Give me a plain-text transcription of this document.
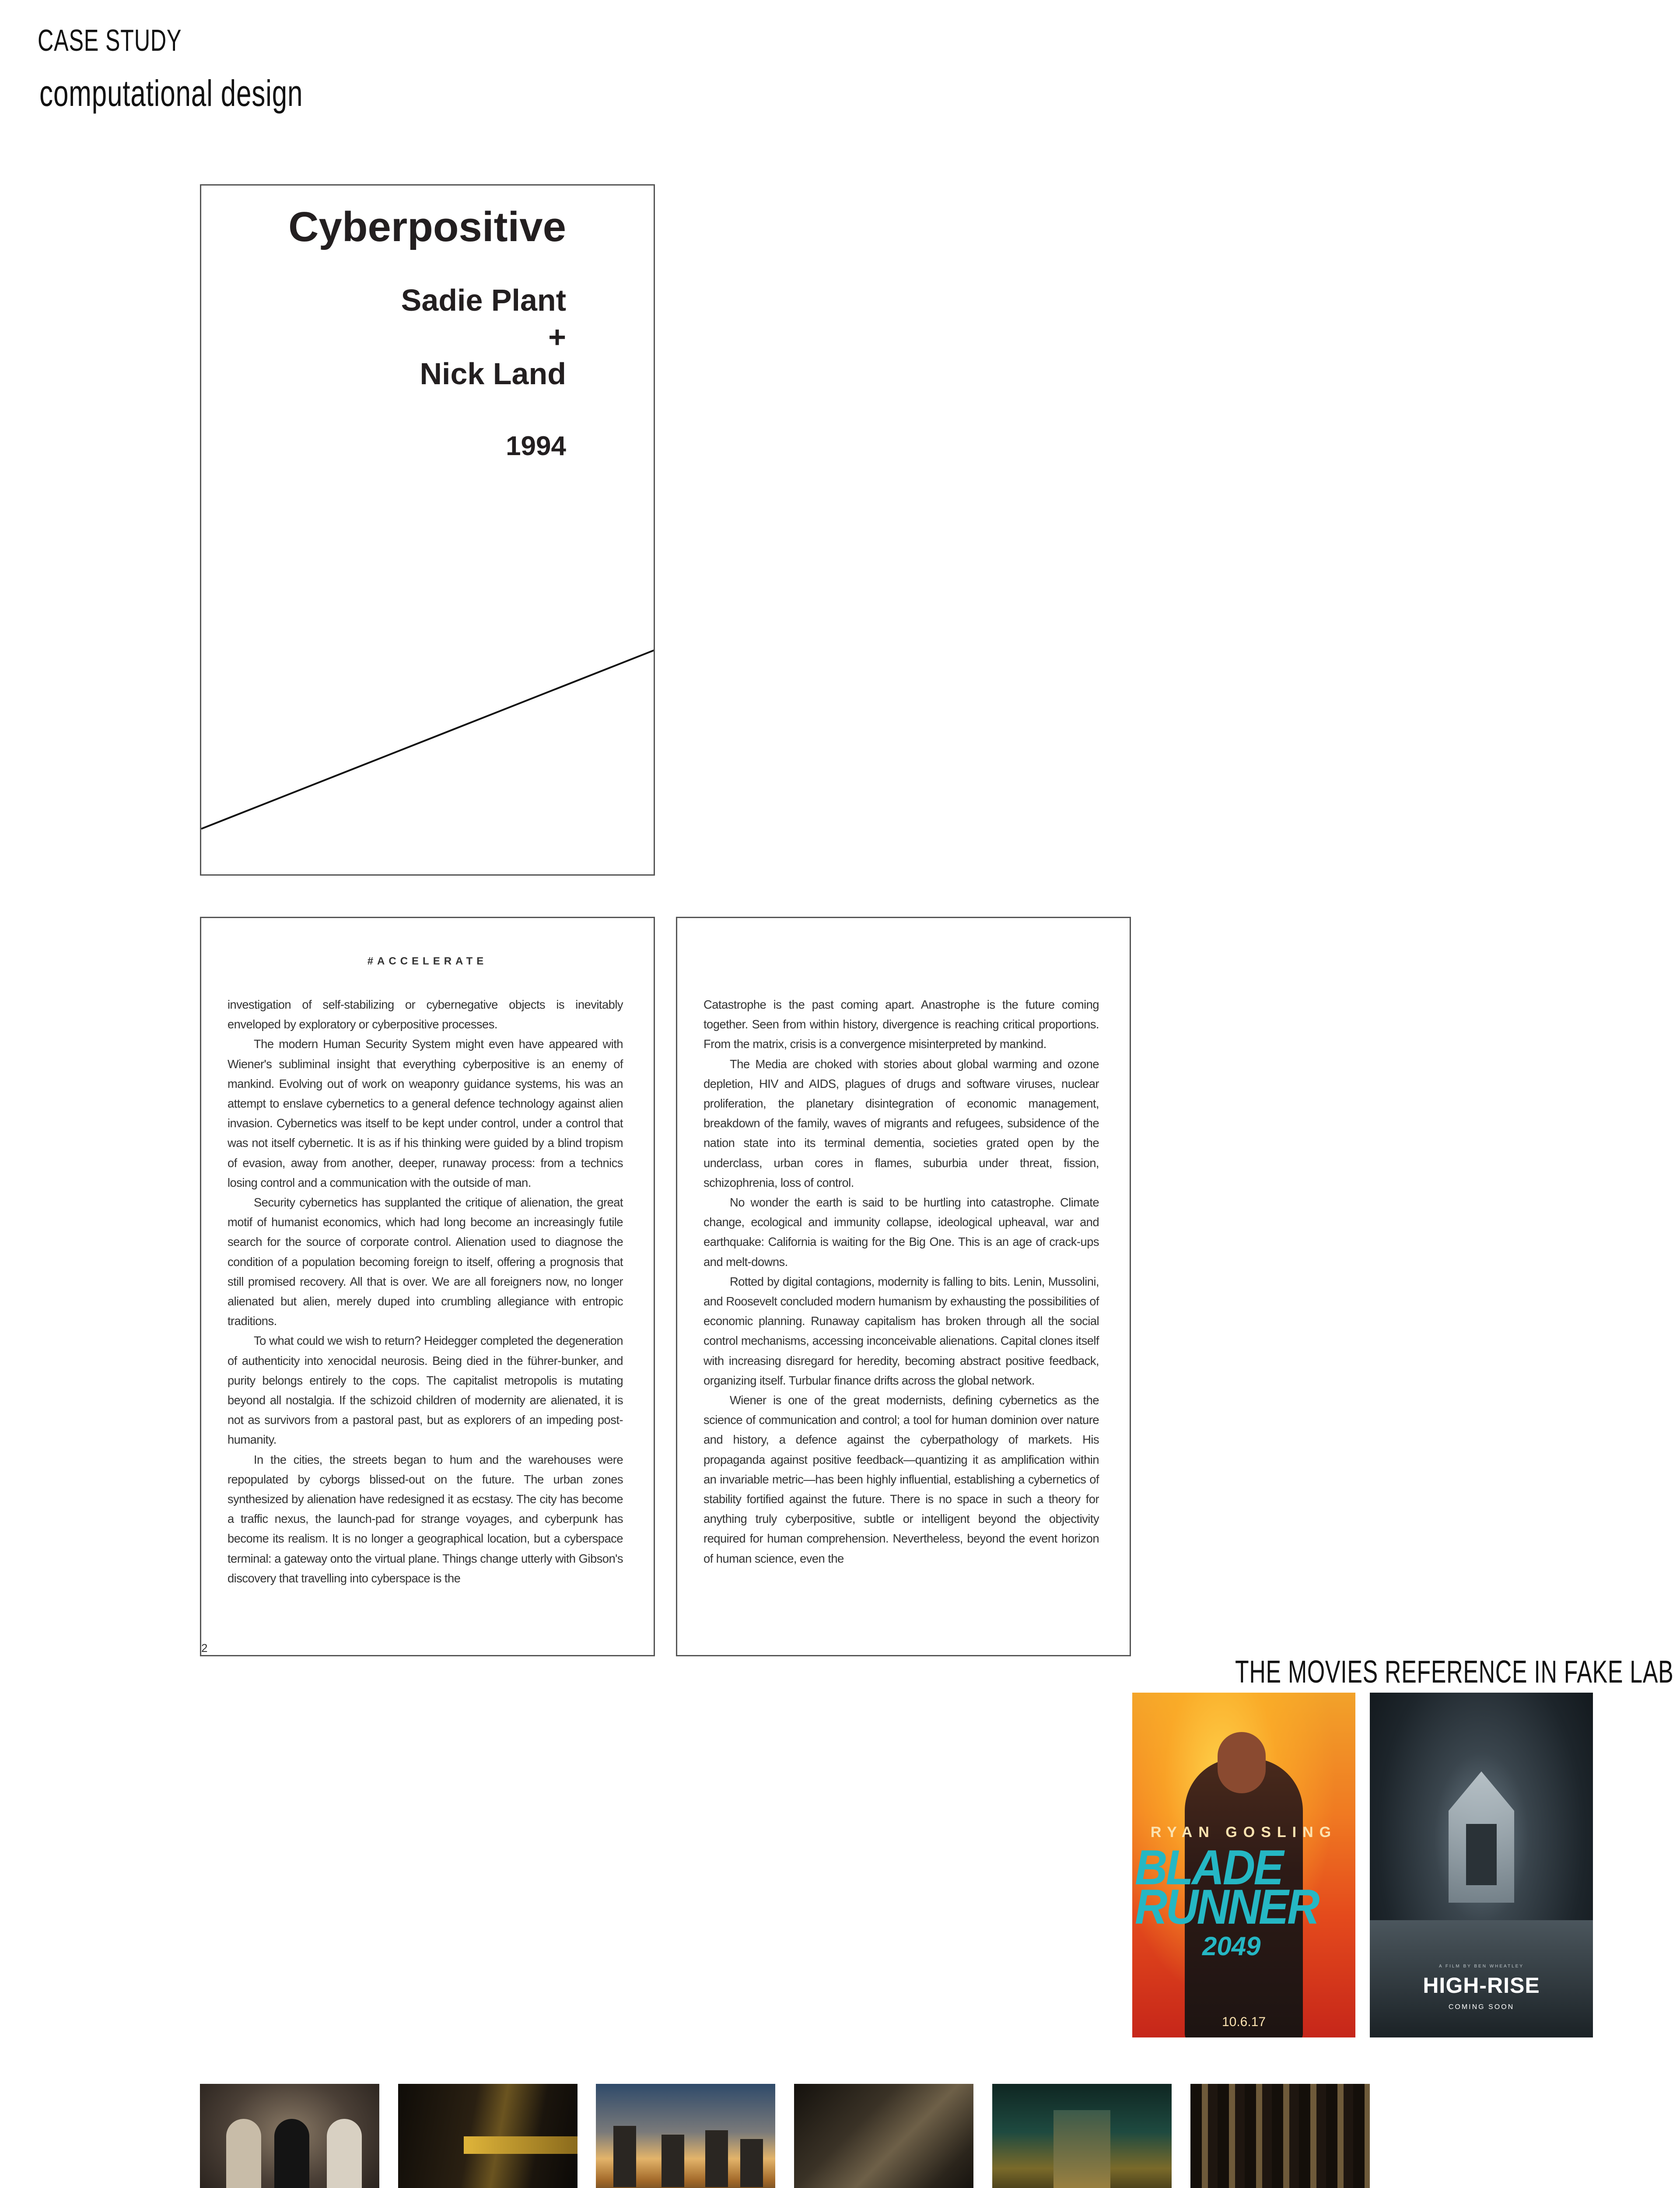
CASE STUDY
computational design
Cyberpositive
Sadie Plant
+
Nick Land
1994
#ACCELERATE

investigation of self-stabilizing or cybernegative objects is inevitably enveloped by exploratory or cyberpositive processes.

The modern Human Security System might even have appeared with Wiener's subliminal insight that everything cyberpositive is an enemy of mankind. Evolving out of work on weaponry guidance systems, his was an attempt to enslave cybernetics to a general defence technology against alien invasion. Cybernetics was itself to be kept under control, under a control that was not itself cybernetic. It is as if his thinking were guided by a blind tropism of evasion, away from another, deeper, runaway process: from a technics losing control and a communication with the outside of man.

Security cybernetics has supplanted the critique of alienation, the great motif of humanist economics, which had long become an increasingly futile search for the source of corporate control. Alienation used to diagnose the condition of a population becoming foreign to itself, offering a prognosis that still promised recovery. All that is over. We are all foreigners now, no longer alienated but alien, merely duped into crumbling allegiance with entropic traditions.

To what could we wish to return? Heidegger completed the degeneration of authenticity into xenocidal neurosis. Being died in the führer-bunker, and purity belongs entirely to the cops. The capitalist metropolis is mutating beyond all nostalgia. If the schizoid children of modernity are alienated, it is not as survivors from a pastoral past, but as explorers of an impeding post-humanity.

In the cities, the streets began to hum and the warehouses were repopulated by cyborgs blissed-out on the future. The urban zones synthesized by alienation have redesigned it as ecstasy. The city has become a traffic nexus, the launch-pad for strange voyages, and cyberpunk has become its realism. It is no longer a geographical location, but a cyberspace terminal: a gateway onto the virtual plane. Things change utterly with Gibson's discovery that travelling into cyberspace is the

2

Catastrophe is the past coming apart. Anastrophe is the future coming together. Seen from within history, divergence is reaching critical proportions. From the matrix, crisis is a convergence misinterpreted by mankind.

The Media are choked with stories about global warming and ozone depletion, HIV and AIDS, plagues of drugs and software viruses, nuclear proliferation, the planetary disintegration of economic management, breakdown of the family, waves of migrants and refugees, subsidence of the nation state into its terminal dementia, societies grated open by the underclass, urban cores in flames, suburbia under threat, fission, schizophrenia, loss of control.

No wonder the earth is said to be hurtling into catastrophe. Climate change, ecological and immunity collapse, ideological upheaval, war and earthquake: California is waiting for the Big One. This is an age of crack-ups and melt-downs.

Rotted by digital contagions, modernity is falling to bits. Lenin, Mussolini, and Roosevelt concluded modern humanism by exhausting the possibilities of economic planning. Runaway capitalism has broken through all the social control mechanisms, accessing inconceivable alienations. Capital clones itself with increasing disregard for heredity, becoming abstract positive feedback, organizing itself. Turbular finance drifts across the global network.

Wiener is one of the great modernists, defining cybernetics as the science of communication and control; a tool for human dominion over nature and history, a defence against the cyberpathology of markets. His propaganda against positive feedback—quantizing it as amplification within an invariable metric—has been highly influential, establishing a cybernetics of stability fortified against the future. There is no space in such a theory for anything truly cyberpositive, subtle or intelligent beyond the objectivity required for human comprehension. Nevertheless, beyond the event horizon of human science, even the

THE MOVIES REFERENCE IN FAKE LAB
RYAN GOSLING
BLADE
RUNNER
2049
10.6.17
A FILM BY BEN WHEATLEY
HIGH-RISE
COMING SOON
